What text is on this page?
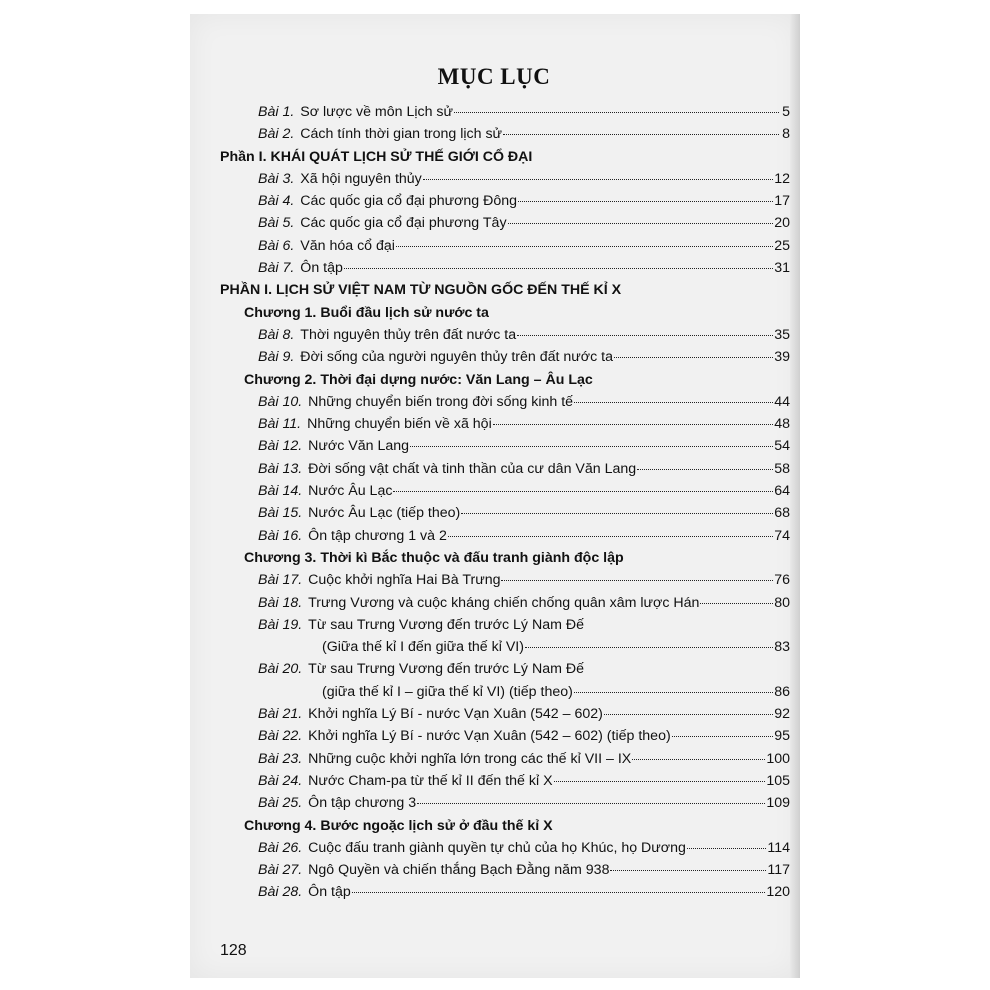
MỤC LỤC
Bài 1. Sơ lược về môn Lịch sử	5
Bài 2. Cách tính thời gian trong lịch sử	8
Phần I. KHÁI QUÁT LỊCH SỬ THẾ GIỚI CỔ ĐẠI
Bài 3. Xã hội nguyên thủy	12
Bài 4. Các quốc gia cổ đại phương Đông	17
Bài 5. Các quốc gia cổ đại phương Tây	20
Bài 6. Văn hóa cổ đại	25
Bài 7. Ôn tập	31
PHẦN I. LỊCH SỬ VIỆT NAM TỪ NGUỒN GỐC ĐẾN THẾ KỈ X
Chương 1. Buổi đầu lịch sử nước ta
Bài 8. Thời nguyên thủy trên đất nước ta	35
Bài 9. Đời sống của người nguyên thủy trên đất nước ta	39
Chương 2. Thời đại dựng nước: Văn Lang – Âu Lạc
Bài 10. Những chuyển biến trong đời sống kinh tế	44
Bài 11. Những chuyển biến về xã hội	48
Bài 12. Nước Văn Lang	54
Bài 13. Đời sống vật chất và tinh thần của cư dân Văn Lang	58
Bài 14. Nước Âu Lạc	64
Bài 15. Nước Âu Lạc (tiếp theo)	68
Bài 16. Ôn tập chương 1 và 2	74
Chương 3. Thời kì Bắc thuộc và đấu tranh giành độc lập
Bài 17. Cuộc khởi nghĩa Hai Bà Trưng	76
Bài 18. Trưng Vương và cuộc kháng chiến chống quân xâm lược Hán	80
Bài 19. Từ sau Trưng Vương đến trước Lý Nam Đế
(Giữa thế kỉ I đến giữa thế kỉ VI)	83
Bài 20. Từ sau Trưng Vương đến trước Lý Nam Đế
(giữa thế kỉ I – giữa thế kỉ VI) (tiếp theo)	86
Bài 21. Khởi nghĩa Lý Bí - nước Vạn Xuân (542 – 602)	92
Bài 22. Khởi nghĩa Lý Bí - nước Vạn Xuân (542 – 602) (tiếp theo)	95
Bài 23. Những cuộc khởi nghĩa lớn trong các thế kỉ VII – IX	100
Bài 24. Nước Cham-pa từ thế kỉ II đến thế kỉ X	105
Bài 25. Ôn tập chương 3	109
Chương 4. Bước ngoặc lịch sử ở đầu thế kỉ X
Bài 26. Cuộc đấu tranh giành quyền tự chủ của họ Khúc, họ Dương	114
Bài 27. Ngô Quyền và chiến thắng Bạch Đằng năm 938	117
Bài 28. Ôn tập	120
128
